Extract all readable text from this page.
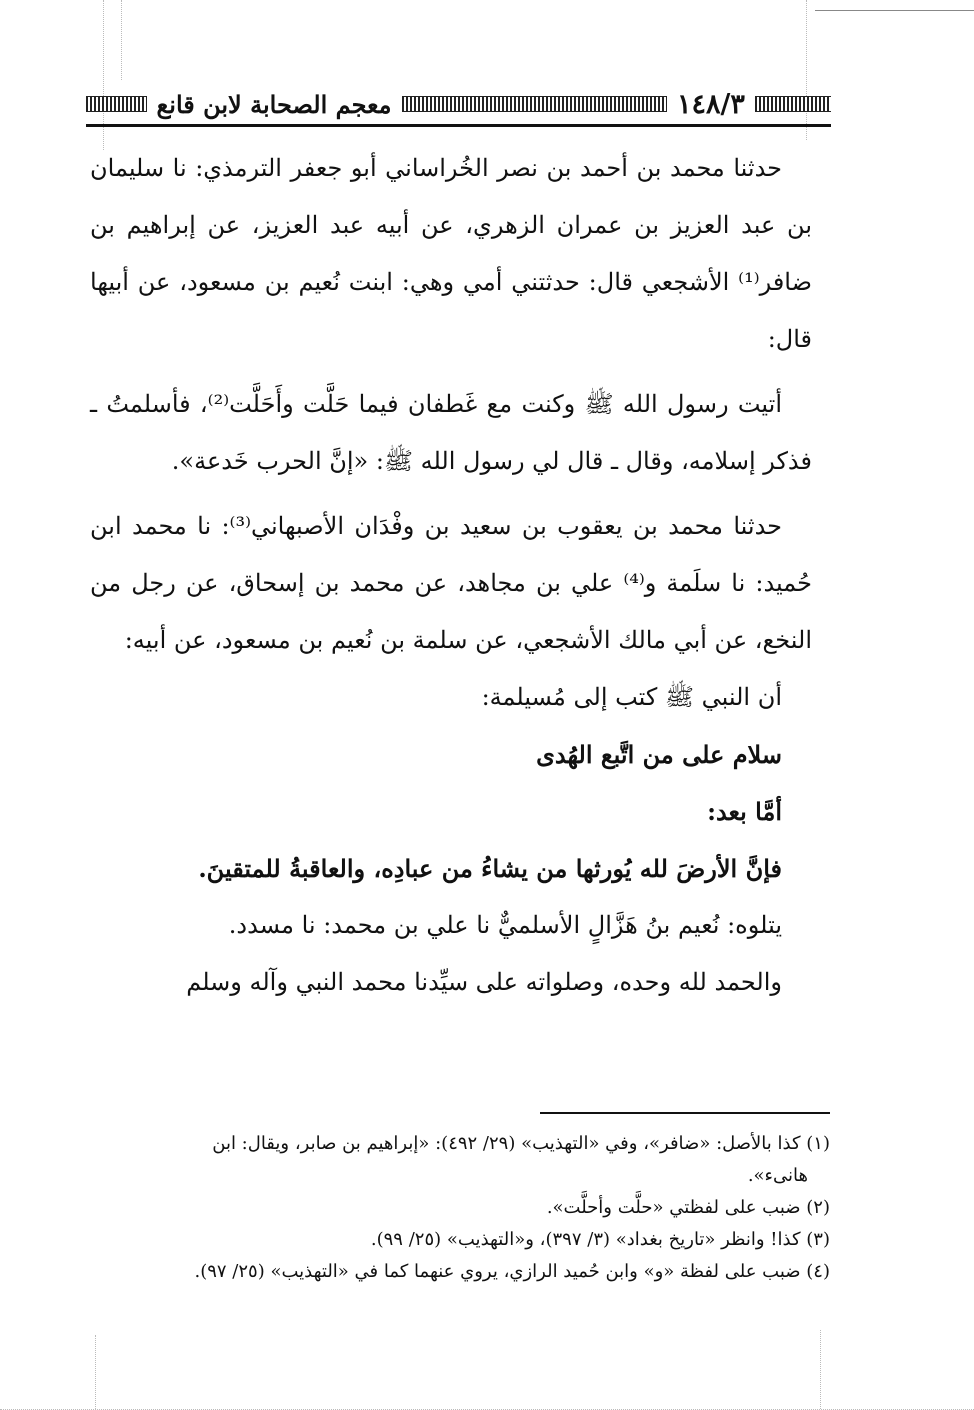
١٤٨/٣
معجم الصحابة لابن قانع

حدثنا محمد بن أحمد بن نصر الخُراساني أبو جعفر الترمذي: نا سليمان بن عبد العزيز بن عمران الزهري، عن أبيه عبد العزيز، عن إبراهيم بن ضافر⁽¹⁾ الأشجعي قال: حدثتني أمي وهي: ابنت نُعيم بن مسعود، عن أبيها قال:

أتيت رسول الله ﷺ وكنت مع غَطفان فيما حَلَّت وأَحَلَّت⁽²⁾، فأسلمتُ ـ فذكر إسلامه، وقال ـ قال لي رسول الله ﷺ: «إنَّ الحرب خَدعة».

حدثنا محمد بن يعقوب بن سعيد بن وفْدَان الأصبهاني⁽³⁾: نا محمد ابن حُميد: نا سلَمة و⁽⁴⁾ علي بن مجاهد، عن محمد بن إسحاق، عن رجل من النخع، عن أبي مالك الأشجعي، عن سلمة بن نُعيم بن مسعود، عن أبيه:

أن النبي ﷺ كتب إلى مُسيلمة:

سلام على من اتَّبع الهُدى

أمَّا بعد:

فإنَّ الأرضَ لله يُورثها من يشاءُ من عبادِه، والعاقبةُ للمتقينَ.

يتلوه: نُعيم بنُ هَزَّالٍ الأسلميٌّ نا علي بن محمد: نا مسدد.

والحمد لله وحده، وصلواته على سيِّدنا محمد النبي وآله وسلم

(١) كذا بالأصل: «ضافر»، وفي «التهذيب» (٢٩/ ٤٩٢): «إبراهيم بن صابر، ويقال: ابن

هانىء».

(٢) ضبب على لفظتي «حلَّت وأحلَّت».

(٣) كذا! وانظر «تاريخ بغداد» (٣/ ٣٩٧)، و«التهذيب» (٢٥/ ٩٩).

(٤) ضبب على لفظة «و» وابن حُميد الرازي، يروي عنهما كما في «التهذيب» (٢٥/ ٩٧).
